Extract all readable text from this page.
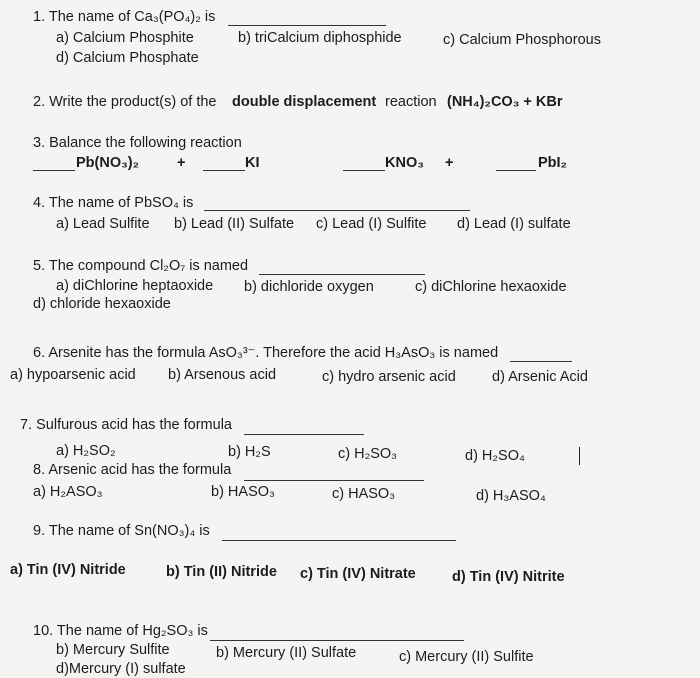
1. The name of Ca₃(PO₄)₂ is
a) Calcium Phosphite	b) triCalcium diphosphide	c) Calcium Phosphorous
d) Calcium Phosphate
2. Write the product(s) of the double displacement reaction (NH₄)₂CO₃ + KBr
3. Balance the following reaction
Pb(NO₃)₂	+	KI	KNO₃ +	PbI₂
4. The name of PbSO₄ is
a) Lead Sulfite b) Lead (II) Sulfate c) Lead (I) Sulfite d) Lead (I) sulfate
5. The compound Cl₂O₇ is named
a) diChlorine heptaoxide b) dichloride oxygen	c) diChlorine hexaoxide
d) chloride hexaoxide
6. Arsenite has the formula AsO₃³⁻. Therefore the acid H₃AsO₃ is named
a) hypoarsenic acid b) Arsenous acid	c) hydro arsenic acid d) Arsenic Acid
7. Sulfurous acid has the formula
a) H₂SO₂	b) H₂S	c) H₂SO₃	d) H₂SO₄
8. Arsenic acid has the formula
a) H₂ASO₃	b) HASO₃	c) HASO₃	d) H₃ASO₄
9. The name of Sn(NO₃)₄ is
a) Tin (IV) Nitride	b) Tin (II) Nitride c) Tin (IV) Nitrate	d) Tin (IV) Nitrite
10. The name of Hg₂SO₃ is
b) Mercury Sulfite	b) Mercury (II) Sulfate	c) Mercury (II) Sulfite
d)Mercury (I) sulfate
